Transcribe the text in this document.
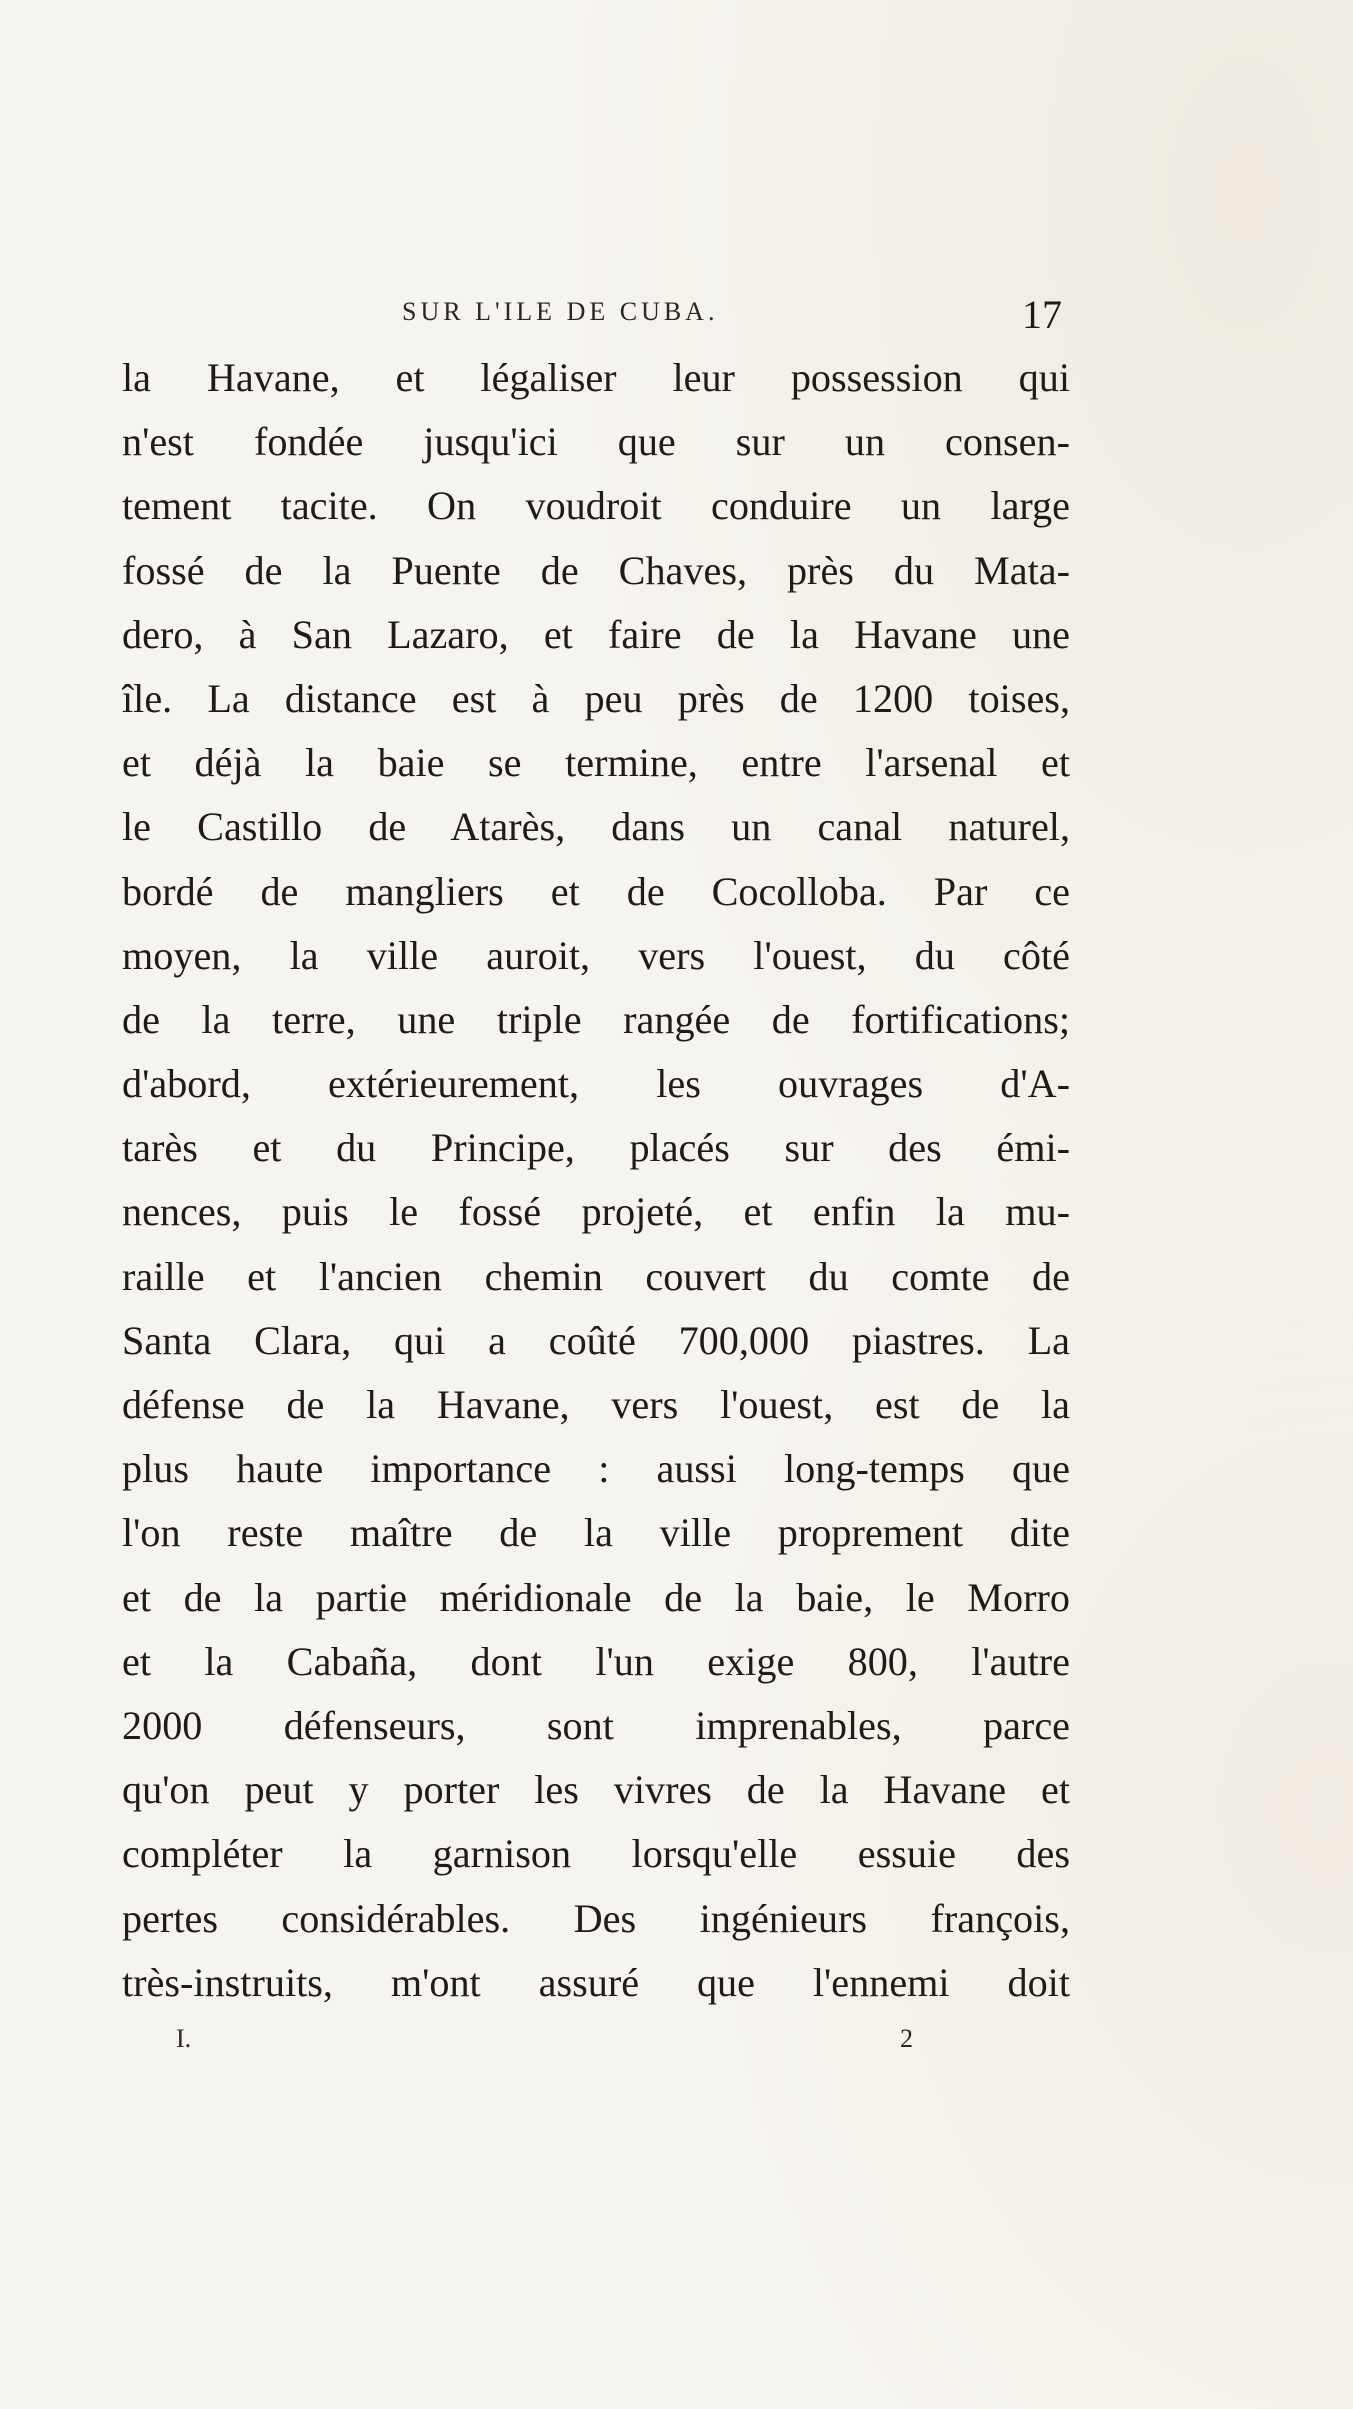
SUR L'ILE DE CUBA.	17
la Havane, et légaliser leur possession qui
n'est fondée jusqu'ici que sur un consen-
tement tacite. On voudroit conduire un large
fossé de la Puente de Chaves, près du Mata-
dero, à San Lazaro, et faire de la Havane une
île. La distance est à peu près de 1200 toises,
et déjà la baie se termine, entre l'arsenal et
le Castillo de Atarès, dans un canal naturel,
bordé de mangliers et de Cocolloba. Par ce
moyen, la ville auroit, vers l'ouest, du côté
de la terre, une triple rangée de fortifications;
d'abord, extérieurement, les ouvrages d'A-
tarès et du Principe, placés sur des émi-
nences, puis le fossé projeté, et enfin la mu-
raille et l'ancien chemin couvert du comte de
Santa Clara, qui a coûté 700,000 piastres. La
défense de la Havane, vers l'ouest, est de la
plus haute importance : aussi long-temps que
l'on reste maître de la ville proprement dite
et de la partie méridionale de la baie, le Morro
et la Cabaña, dont l'un exige 800, l'autre
2000 défenseurs, sont imprenables, parce
qu'on peut y porter les vivres de la Havane et
compléter la garnison lorsqu'elle essuie des
pertes considérables. Des ingénieurs françois,
très-instruits, m'ont assuré que l'ennemi doit
I.	2
